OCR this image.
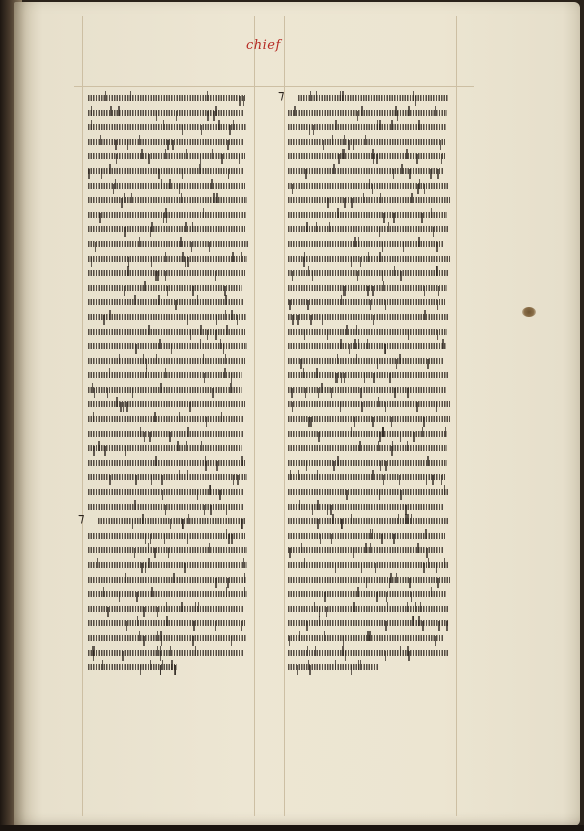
chief
⁊
⁊
